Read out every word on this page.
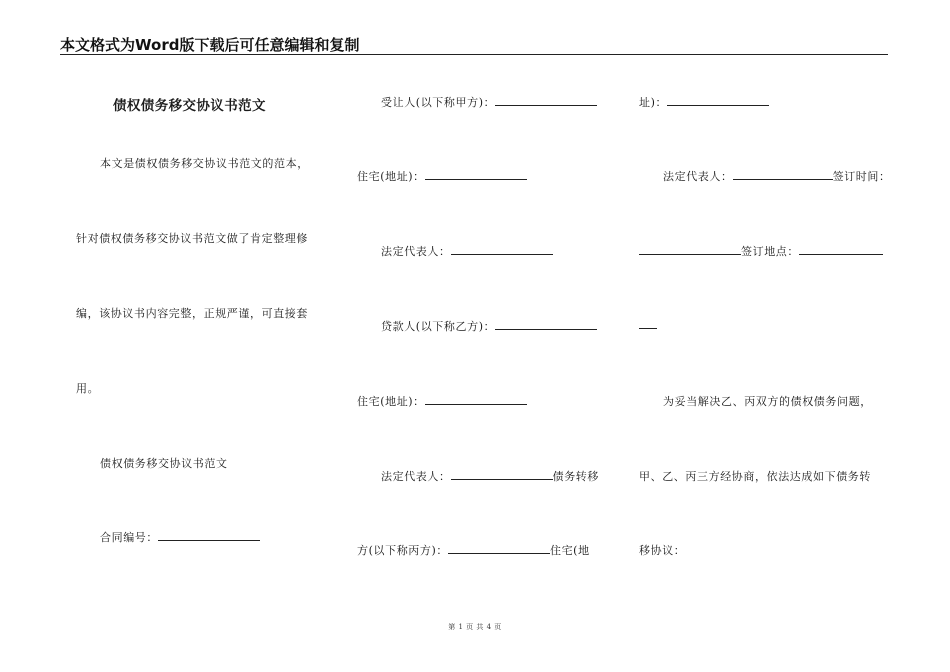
本文格式为Word版下载后可任意编辑和复制
债权债务移交协议书范文
本文是债权债务移交协议书范文的范本，
针对债权债务移交协议书范文做了肯定整理修
编，该协议书内容完整，正规严谨，可直接套
用。
债权债务移交协议书范文
合同编号：
受让人(以下称甲方)：
住宅(地址)：
法定代表人：
贷款人(以下称乙方)：
住宅(地址)：
法定代表人：	债务转移
方(以下称丙方)：	住宅(地
址)：
法定代表人：	签订时间：
签订地点：
为妥当解决乙、丙双方的债权债务问题，
甲、乙、丙三方经协商，依法达成如下债务转
移协议：
第 1 页 共 4 页
